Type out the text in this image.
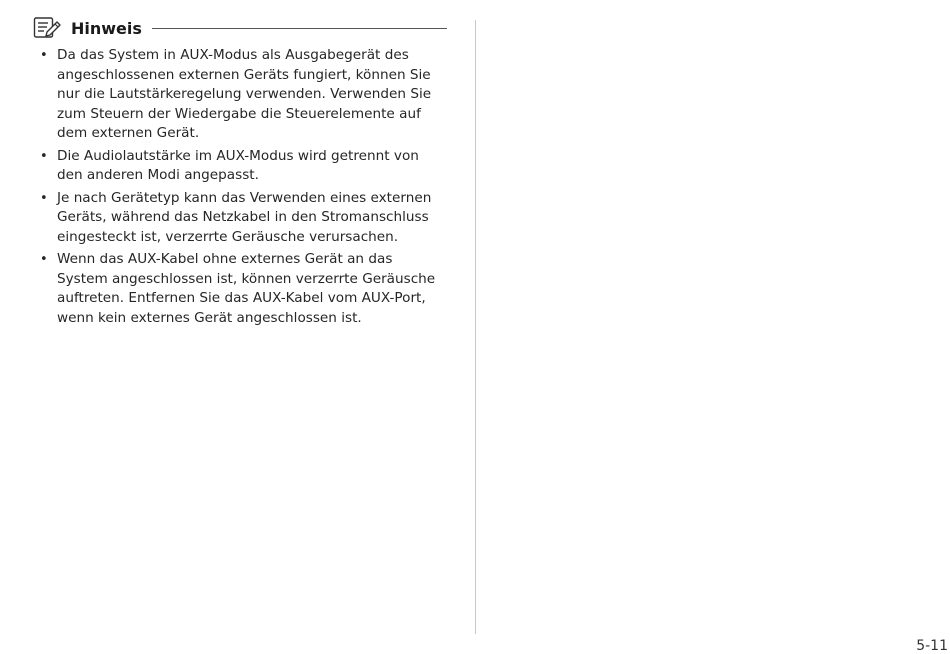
Hinweis
• Da das System in AUX-Modus als Ausgabegerät des angeschlossenen externen Geräts fungiert, können Sie nur die Lautstärkeregelung verwenden. Verwenden Sie zum Steuern der Wiedergabe die Steuerelemente auf dem externen Gerät.
• Die Audiolautstärke im AUX-Modus wird getrennt von den anderen Modi angepasst.
• Je nach Gerätetyp kann das Verwenden eines externen Geräts, während das Netzkabel in den Stromanschluss eingesteckt ist, verzerrte Geräusche verursachen.
• Wenn das AUX-Kabel ohne externes Gerät an das System angeschlossen ist, können verzerrte Geräusche auftreten. Entfernen Sie das AUX-Kabel vom AUX-Port, wenn kein externes Gerät angeschlossen ist.
5-11
